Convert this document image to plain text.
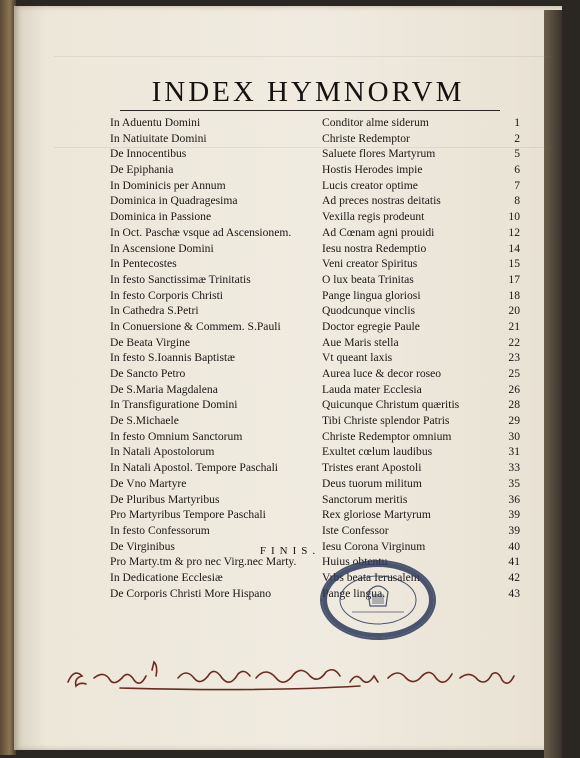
INDEX HYMNORVM
In Aduentu Domini	Conditor alme siderum	1
In Natiuitate Domini	Christe Redemptor	2
De Innocentibus	Saluete flores Martyrum	5
De Epiphania	Hostis Herodes impie	6
In Dominicis per Annum	Lucis creator optime	7
Dominica in Quadragesima	Ad preces nostras deitatis	8
Dominica in Passione	Vexilla regis prodeunt	10
In Oct. Paschæ vsque ad Ascensionem.	Ad Cœnam agni prouidi	12
In Ascensione Domini	Iesu nostra Redemptio	14
In Pentecostes	Veni creator Spiritus	15
In festo Sanctissimæ Trinitatis	O lux beata Trinitas	17
In festo Corporis Christi	Pange lingua gloriosi	18
In Cathedra S.Petri	Quodcunque vinclis	20
In Conuersione & Commem. S.Pauli	Doctor egregie Paule	21
De Beata Virgine	Aue Maris stella	22
In festo S.Ioannis Baptistæ	Vt queant laxis	23
De Sancto Petro	Aurea luce & decor roseo	25
De S.Maria Magdalena	Lauda mater Ecclesia	26
In Transfiguratione Domini	Quicunque Christum quæritis	28
De S.Michaele	Tibi Christe splendor Patris	29
In festo Omnium Sanctorum	Christe Redemptor omnium	30
In Natali Apostolorum	Exultet cœlum laudibus	31
In Natali Apostol. Tempore Paschali	Tristes erant Apostoli	33
De Vno Martyre	Deus tuorum militum	35
De Pluribus Martyribus	Sanctorum meritis	36
Pro Martyribus Tempore Paschali	Rex gloriose Martyrum	39
In festo Confessorum	Iste Confessor	39
De Virginibus	Iesu Corona Virginum	40
Pro Marty.tm & pro nec Virg.nec Marty.	Huius obtentu	41
In Dedicatione Ecclesiæ	Vrbs beata Ierusalem	42
De Corporis Christi More Hispano	Pange lingua.	43
FINIS.
